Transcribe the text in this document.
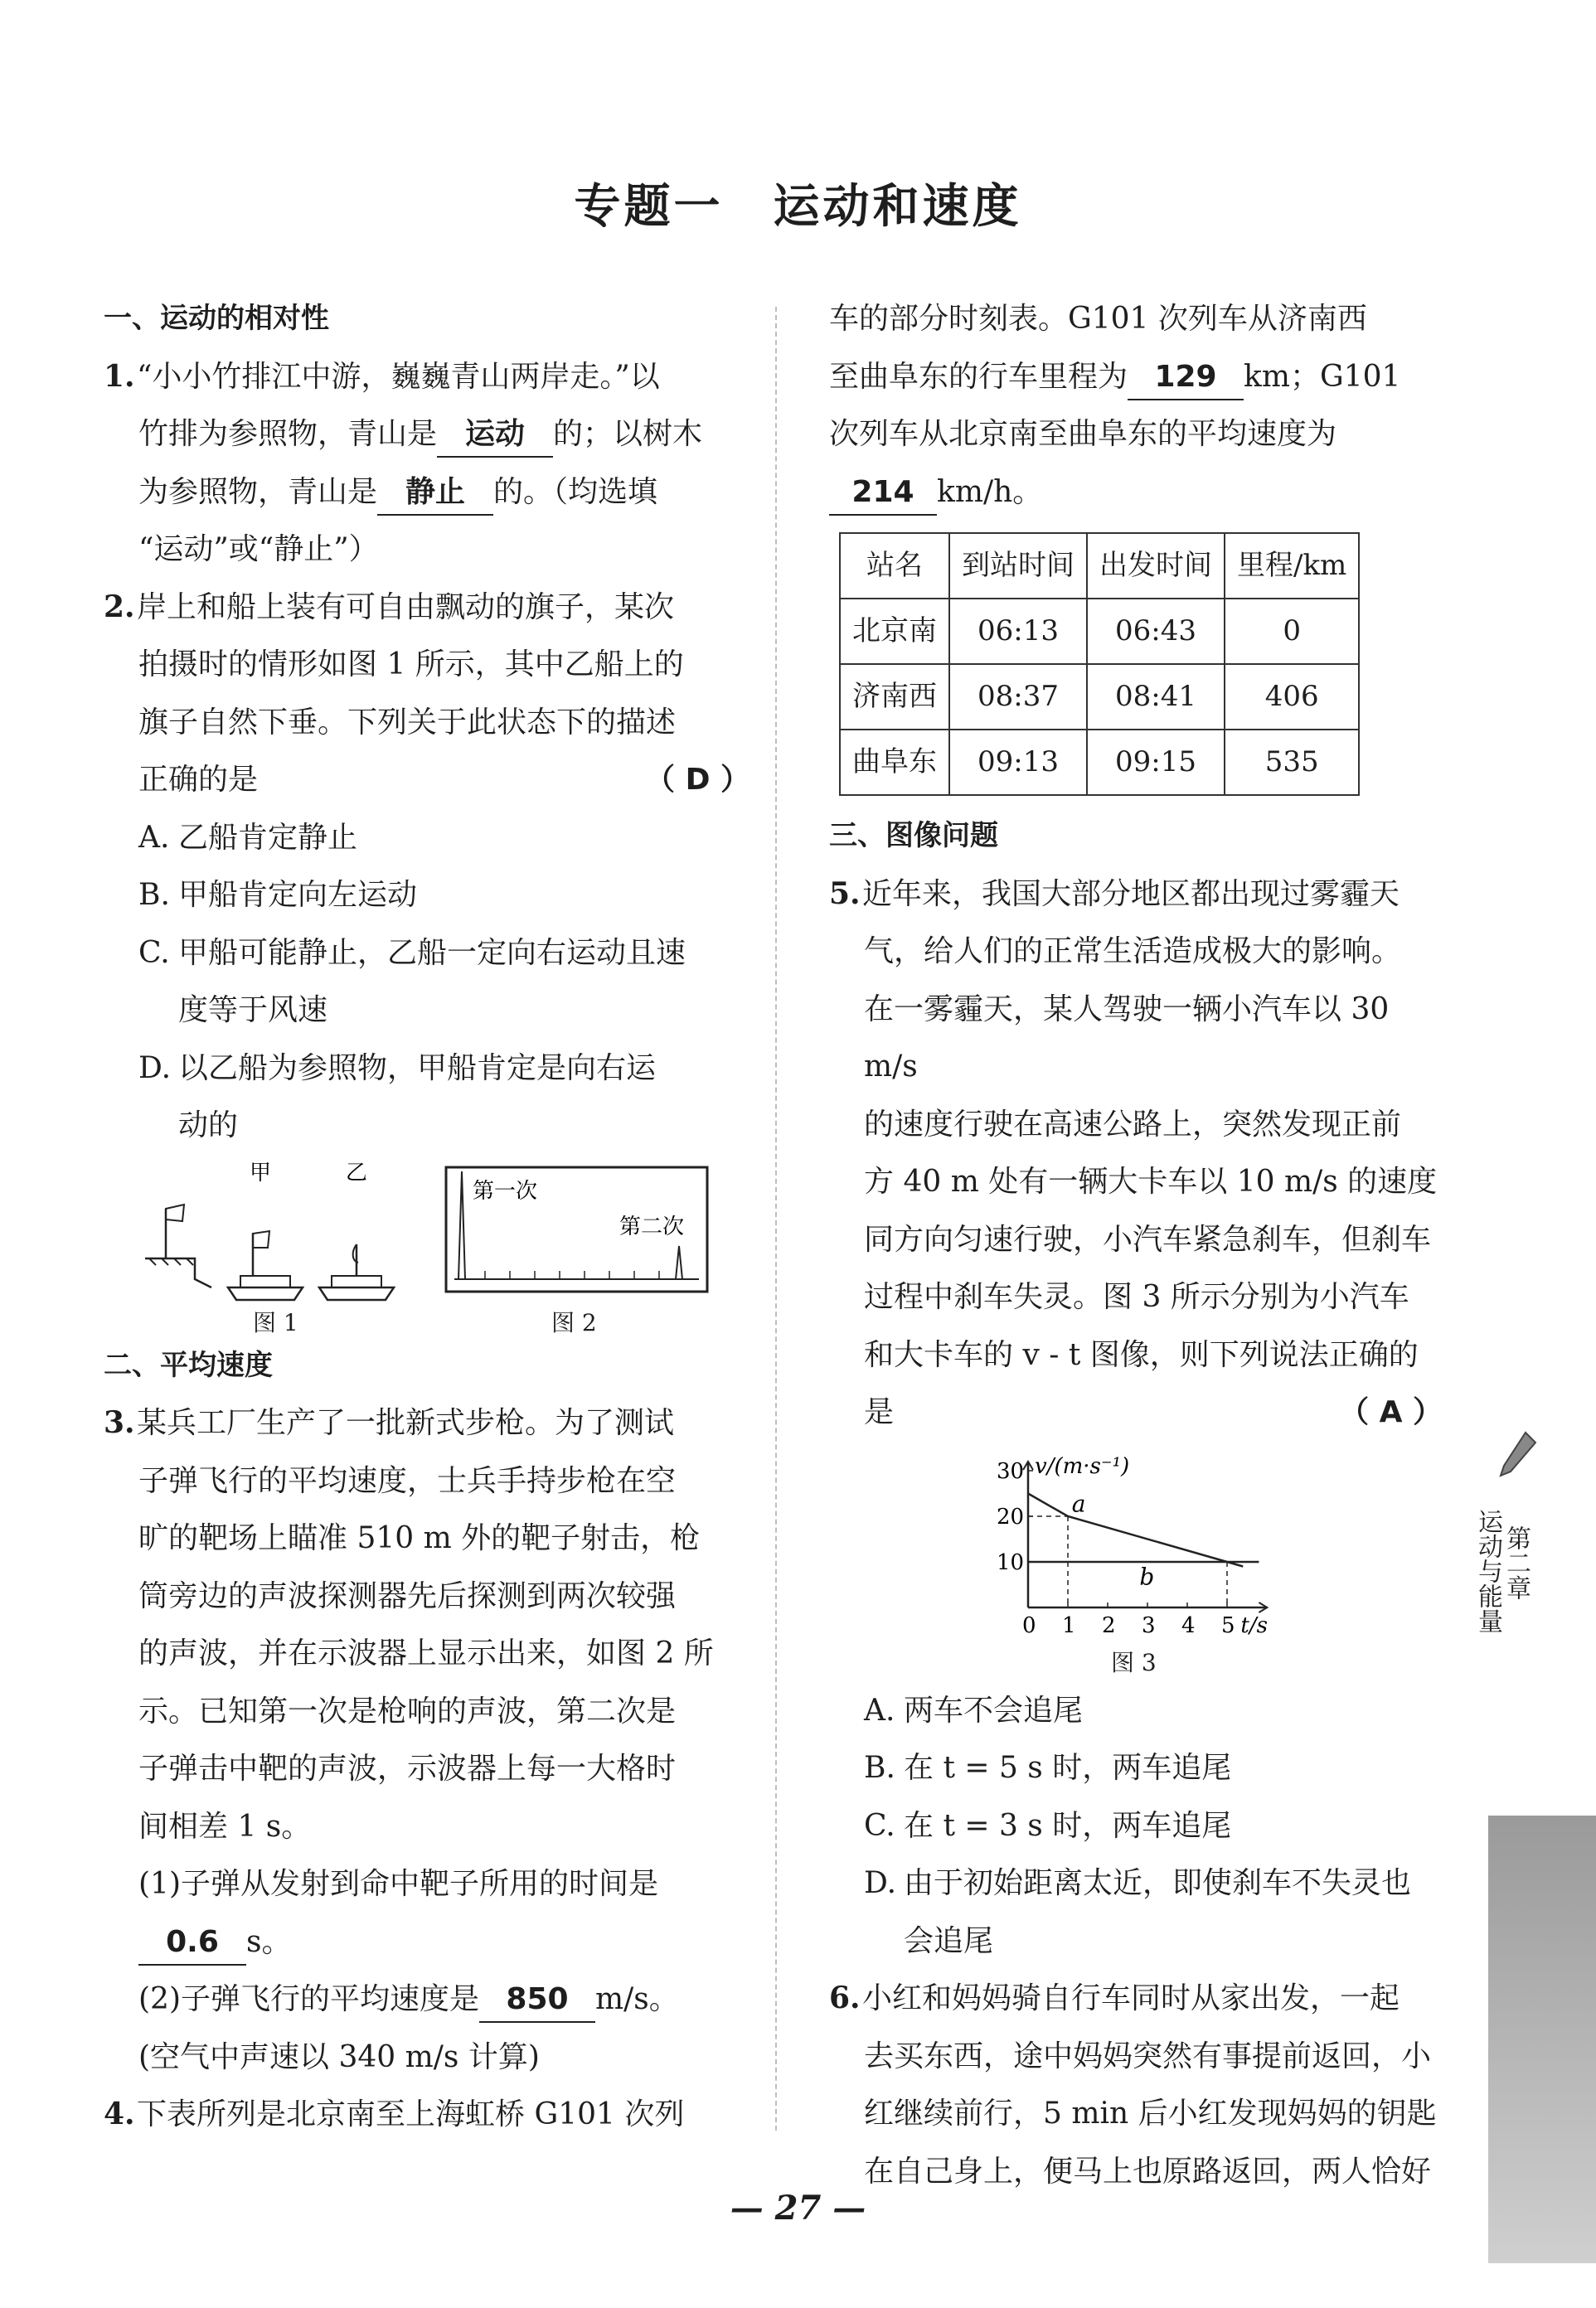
专题一　运动和速度
一、运动的相对性
1. “小小竹排江中游，巍巍青山两岸走。”以
竹排为参照物，青山是 运动 的；以树木
为参照物，青山是 静止 的。（均选填
“运动”或“静止”）
2. 岸上和船上装有可自由飘动的旗子，某次
拍摄时的情形如图 1 所示，其中乙船上的
旗子自然下垂。下列关于此状态下的描述
正确的是	（ D ）
A. 乙船肯定静止
B. 甲船肯定向左运动
C. 甲船可能静止，乙船一定向右运动且速
度等于风速
D. 以乙船为参照物，甲船肯定是向右运
动的
甲	乙
第一次
第二次
图 1	图 2
二、平均速度
3. 某兵工厂生产了一批新式步枪。为了测试
子弹飞行的平均速度，士兵手持步枪在空
旷的靶场上瞄准 510 m 外的靶子射击，枪
筒旁边的声波探测器先后探测到两次较强
的声波，并在示波器上显示出来，如图 2 所
示。已知第一次是枪响的声波，第二次是
子弹击中靶的声波，示波器上每一大格时
间相差 1 s。
(1)子弹从发射到命中靶子所用的时间是
0.6 s。
(2)子弹飞行的平均速度是 850 m/s。
(空气中声速以 340 m/s 计算)
4. 下表所列是北京南至上海虹桥 G101 次列
车的部分时刻表。G101 次列车从济南西
至曲阜东的行车里程为 129 km；G101
次列车从北京南至曲阜东的平均速度为
214 km/h。
站名	到站时间	出发时间	里程/km
北京南	06:13	06:43	0
济南西	08:37	08:41	406
曲阜东	09:13	09:15	535
三、图像问题
5. 近年来，我国大部分地区都出现过雾霾天
气，给人们的正常生活造成极大的影响。
在一雾霾天，某人驾驶一辆小汽车以 30 m/s
的速度行驶在高速公路上，突然发现正前
方 40 m 处有一辆大卡车以 10 m/s 的速度
同方向匀速行驶，小汽车紧急刹车，但刹车
过程中刹车失灵。图 3 所示分别为小汽车
和大卡车的 v - t 图像，则下列说法正确的
是	（ A ）
0 1 2 3 4 5
10
20
30 v/(m·s⁻¹)
t/s
a
b
图 3
A. 两车不会追尾
B. 在 t = 5 s 时，两车追尾
C. 在 t = 3 s 时，两车追尾
D. 由于初始距离太近，即使刹车不失灵也
会追尾
6. 小红和妈妈骑自行车同时从家出发，一起
去买东西，途中妈妈突然有事提前返回，小
红继续前行，5 min 后小红发现妈妈的钥匙
在自己身上，便马上也原路返回，两人恰好
第二章
运动与能量
— 27 —
